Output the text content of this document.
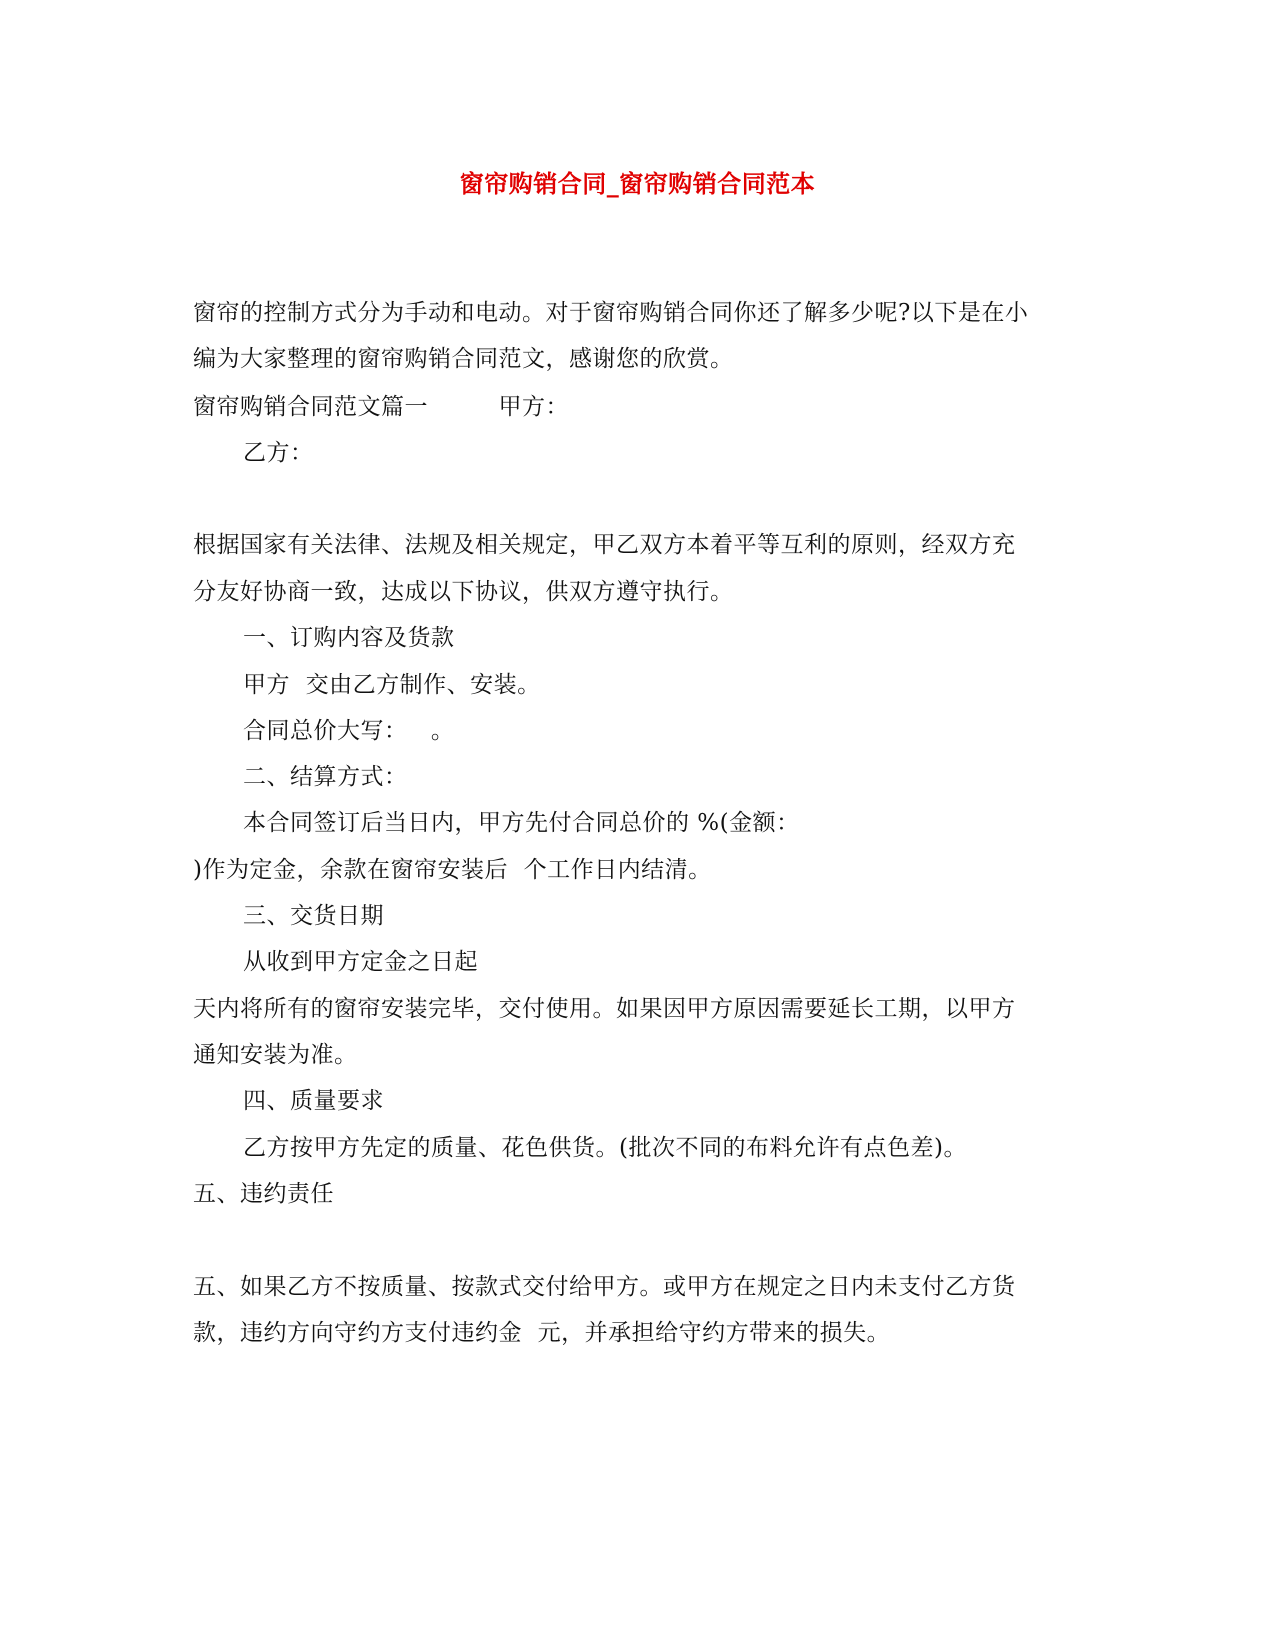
窗帘购销合同_窗帘购销合同范本
窗帘的控制方式分为手动和电动。对于窗帘购销合同你还了解多少呢?以下是在小
编为大家整理的窗帘购销合同范文，感谢您的欣赏。
窗帘购销合同范文篇一　　　甲方：
乙方：
根据国家有关法律、法规及相关规定，甲乙双方本着平等互利的原则，经双方充
分友好协商一致，达成以下协议，供双方遵守执行。
一、订购内容及货款
甲方  交由乙方制作、安装。
合同总价大写：   。
二、结算方式：
本合同签订后当日内，甲方先付合同总价的 %(金额：
)作为定金，余款在窗帘安装后  个工作日内结清。
三、交货日期
从收到甲方定金之日起
天内将所有的窗帘安装完毕，交付使用。如果因甲方原因需要延长工期，以甲方
通知安装为准。
四、质量要求
乙方按甲方先定的质量、花色供货。(批次不同的布料允许有点色差)。
五、违约责任
五、如果乙方不按质量、按款式交付给甲方。或甲方在规定之日内未支付乙方货
款，违约方向守约方支付违约金  元，并承担给守约方带来的损失。
